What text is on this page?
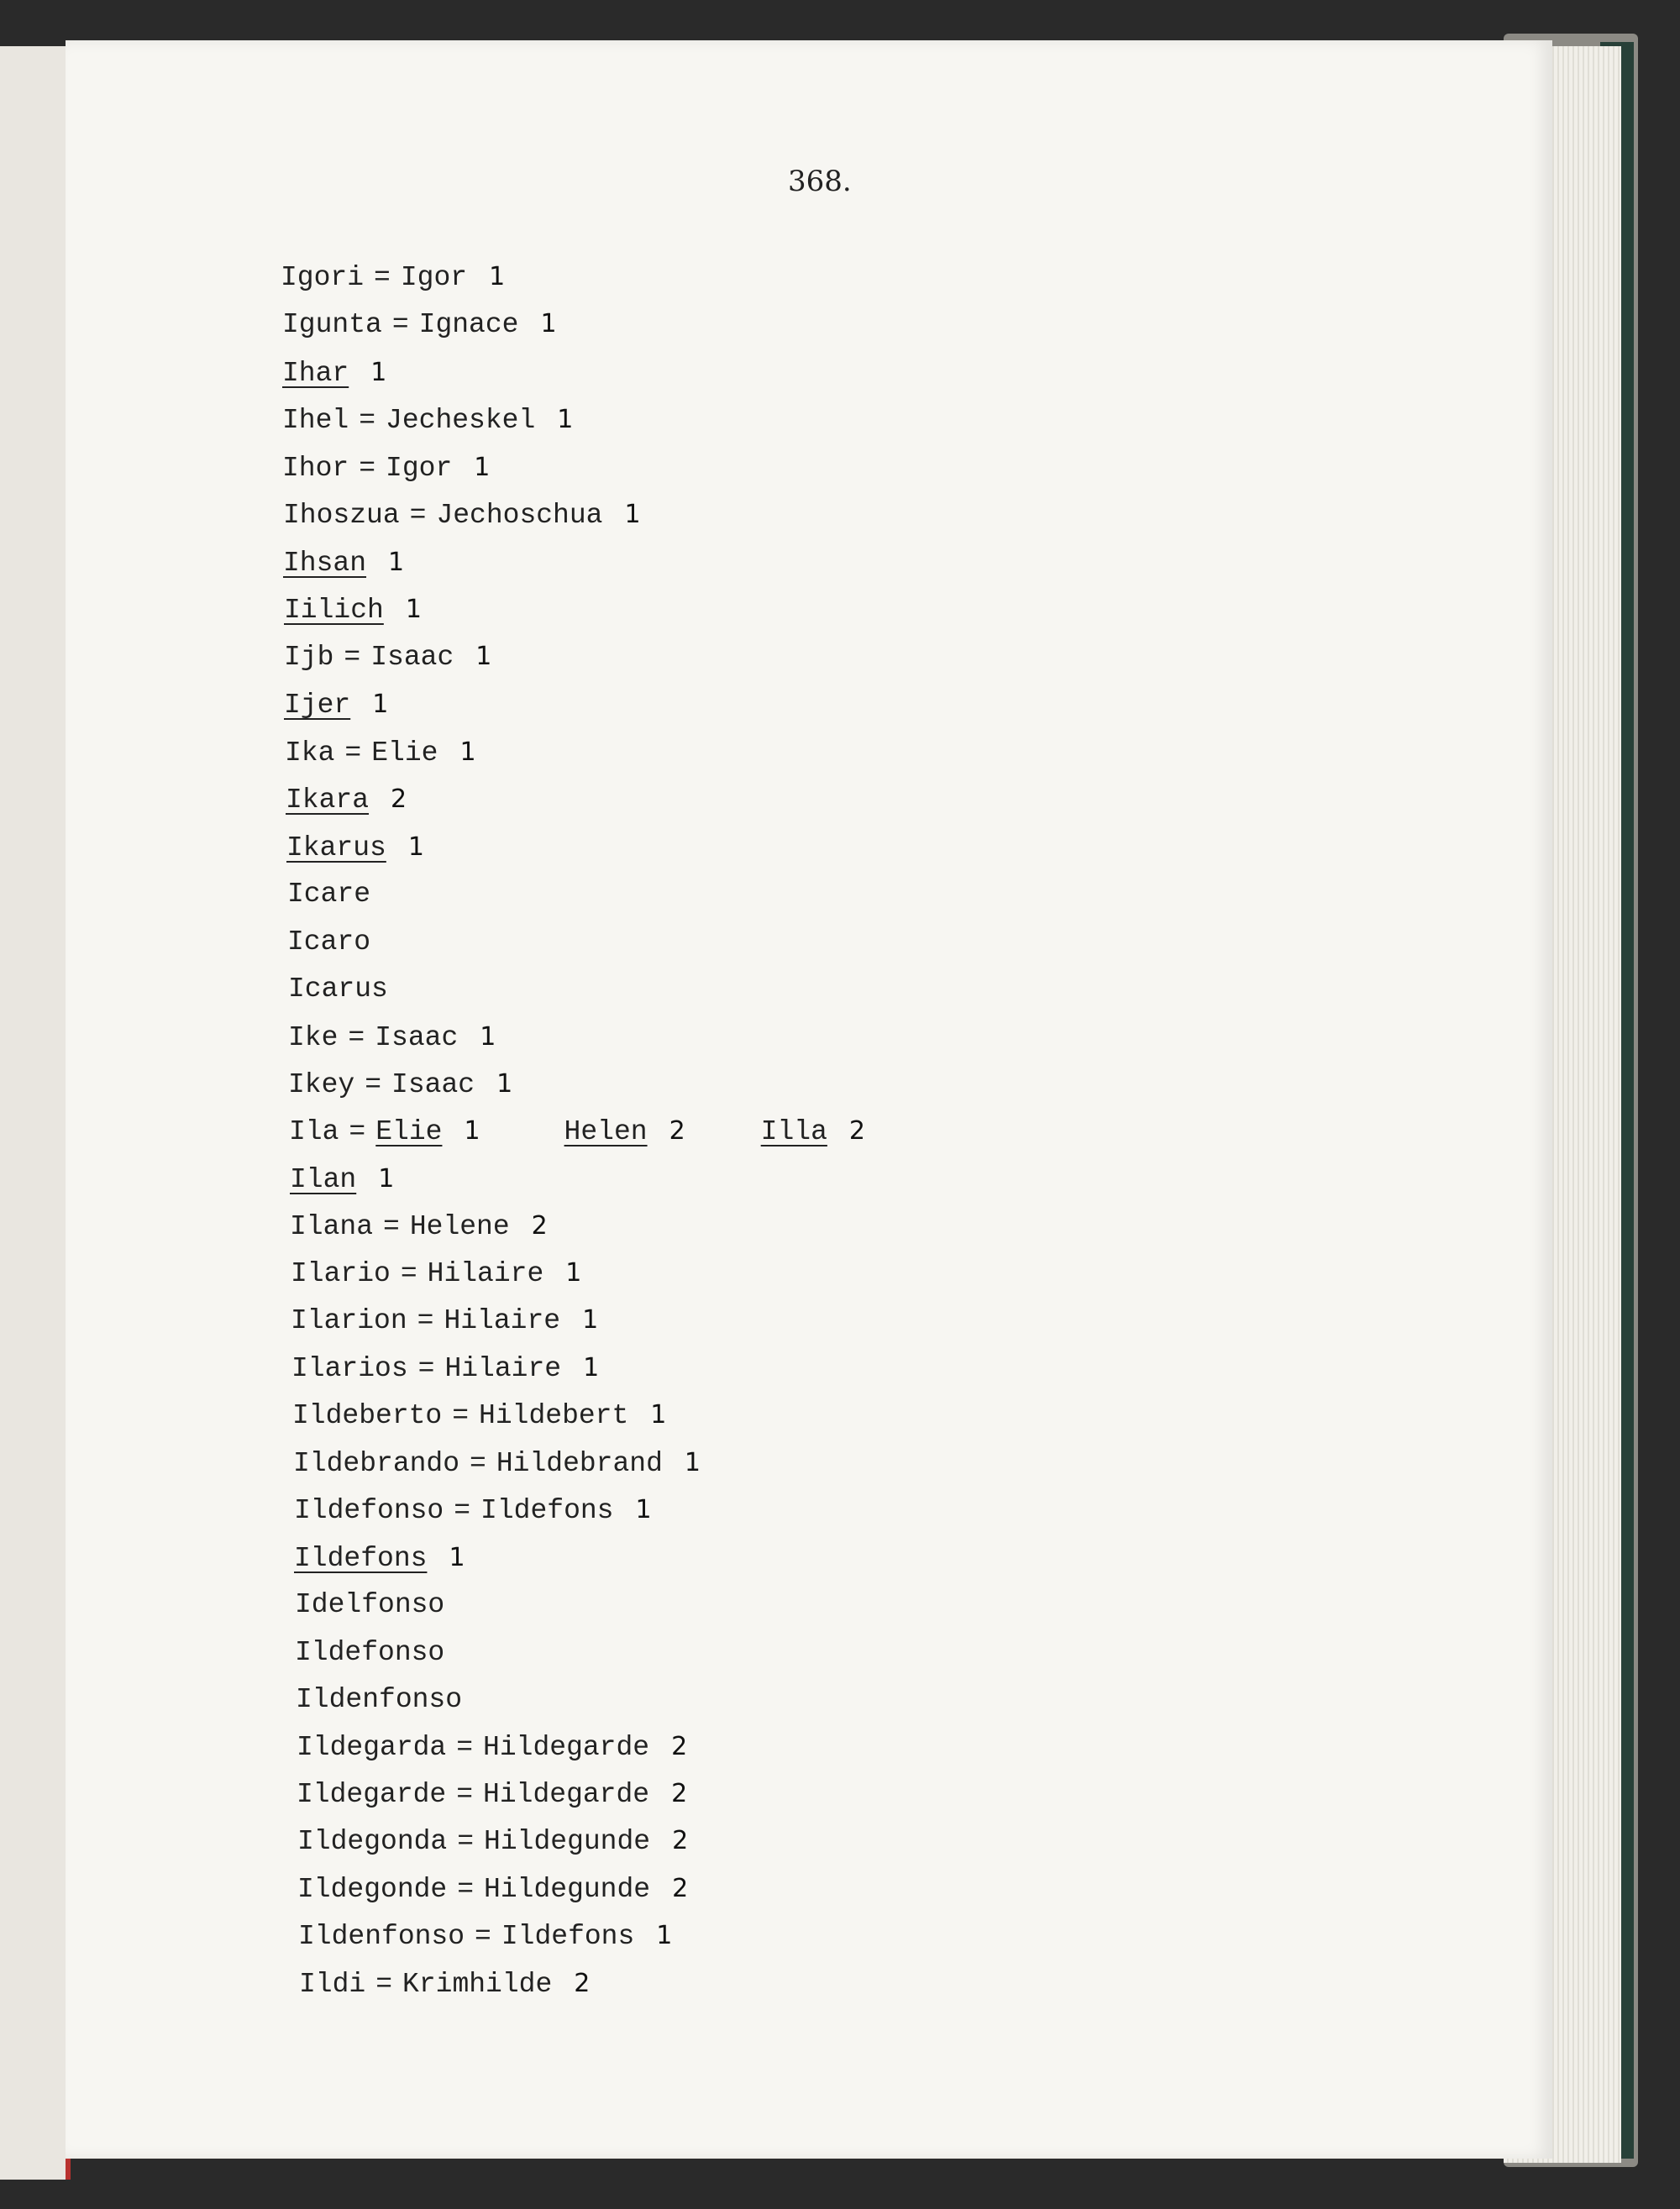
368.
Igori = Igor 1
Igunta = Ignace 1
Ihar 1
Ihel = Jecheskel 1
Ihor = Igor 1
Ihoszua = Jechoschua 1
Ihsan 1
Iilich 1
Ijb = Isaac 1
Ijer 1
Ika = Elie 1
Ikara 2
Ikarus 1
Icare
Icaro
Icarus
Ike = Isaac 1
Ikey = Isaac 1
Ila = Elie 1	Helen 2	Illa 2
Ilan 1
Ilana = Helene 2
Ilario = Hilaire 1
Ilarion = Hilaire 1
Ilarios = Hilaire 1
Ildeberto = Hildebert 1
Ildebrando = Hildebrand 1
Ildefonso = Ildefons 1
Ildefons 1
Idelfonso
Ildefonso
Ildenfonso
Ildegarda = Hildegarde 2
Ildegarde = Hildegarde 2
Ildegonda = Hildegunde 2
Ildegonde = Hildegunde 2
Ildenfonso = Ildefons 1
Ildi = Krimhilde 2
